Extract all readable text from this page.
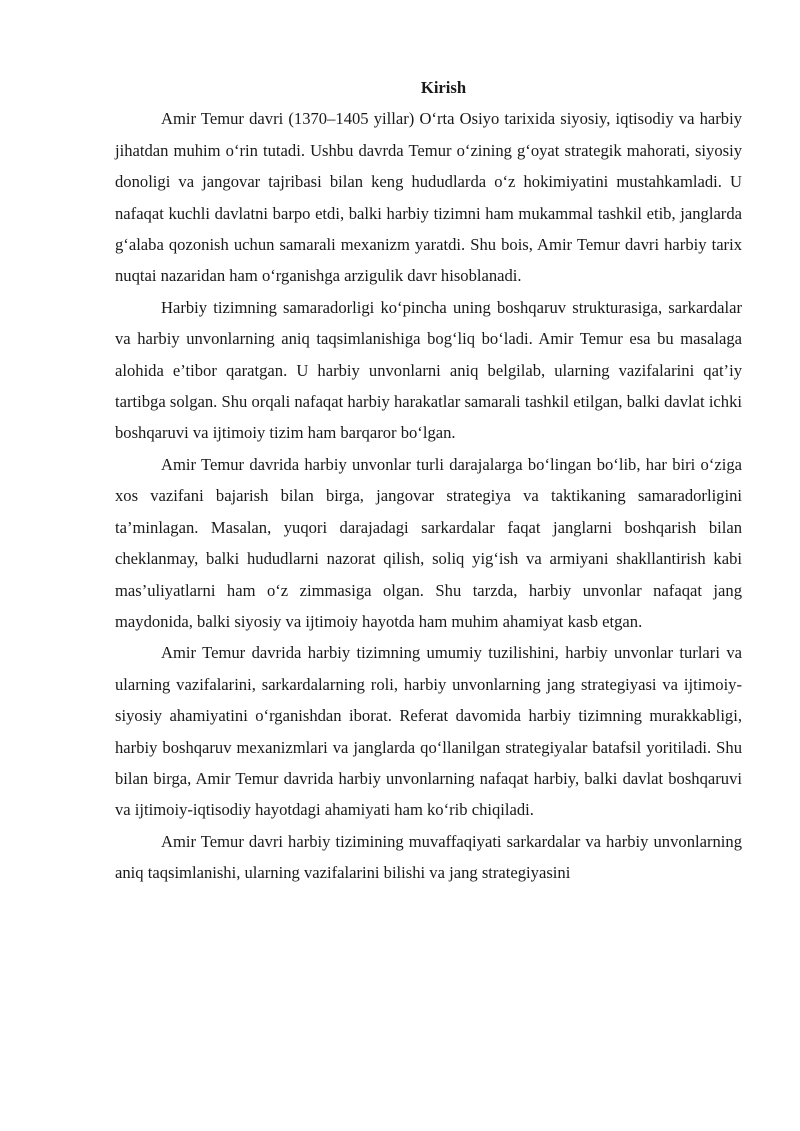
Kirish

Amir Temur davri (1370–1405 yillar) O‘rta Osiyo tarixida siyosiy, iqtisodiy va harbiy jihatdan muhim o‘rin tutadi. Ushbu davrda Temur o‘zining g‘oyat strategik mahorati, siyosiy donoligi va jangovar tajribasi bilan keng hududlarda o‘z hokimiyatini mustahkamladi. U nafaqat kuchli davlatni barpo etdi, balki harbiy tizimni ham mukammal tashkil etib, janglarda g‘alaba qozonish uchun samarali mexanizm yaratdi. Shu bois, Amir Temur davri harbiy tarix nuqtai nazaridan ham o‘rganishga arzigulik davr hisoblanadi.

Harbiy tizimning samaradorligi ko‘pincha uning boshqaruv strukturasiga, sarkardalar va harbiy unvonlarning aniq taqsimlanishiga bog‘liq bo‘ladi. Amir Temur esa bu masalaga alohida e’tibor qaratgan. U harbiy unvonlarni aniq belgilab, ularning vazifalarini qat’iy tartibga solgan. Shu orqali nafaqat harbiy harakatlar samarali tashkil etilgan, balki davlat ichki boshqaruvi va ijtimoiy tizim ham barqaror bo‘lgan.

Amir Temur davrida harbiy unvonlar turli darajalarga bo‘lingan bo‘lib, har biri o‘ziga xos vazifani bajarish bilan birga, jangovar strategiya va taktikaning samaradorligini ta’minlagan. Masalan, yuqori darajadagi sarkardalar faqat janglarni boshqarish bilan cheklanmay, balki hududlarni nazorat qilish, soliq yig‘ish va armiyani shakllantirish kabi mas’uliyatlarni ham o‘z zimmasiga olgan. Shu tarzda, harbiy unvonlar nafaqat jang maydonida, balki siyosiy va ijtimoiy hayotda ham muhim ahamiyat kasb etgan.

Amir Temur davrida harbiy tizimning umumiy tuzilishini, harbiy unvonlar turlari va ularning vazifalarini, sarkardalarning roli, harbiy unvonlarning jang strategiyasi va ijtimoiy-siyosiy ahamiyatini o‘rganishdan iborat. Referat davomida harbiy tizimning murakkabligi, harbiy boshqaruv mexanizmlari va janglarda qo‘llanilgan strategiyalar batafsil yoritiladi. Shu bilan birga, Amir Temur davrida harbiy unvonlarning nafaqat harbiy, balki davlat boshqaruvi va ijtimoiy-iqtisodiy hayotdagi ahamiyati ham ko‘rib chiqiladi.

Amir Temur davri harbiy tizimining muvaffaqiyati sarkardalar va harbiy unvonlarning aniq taqsimlanishi, ularning vazifalarini bilishi va jang strategiyasini
